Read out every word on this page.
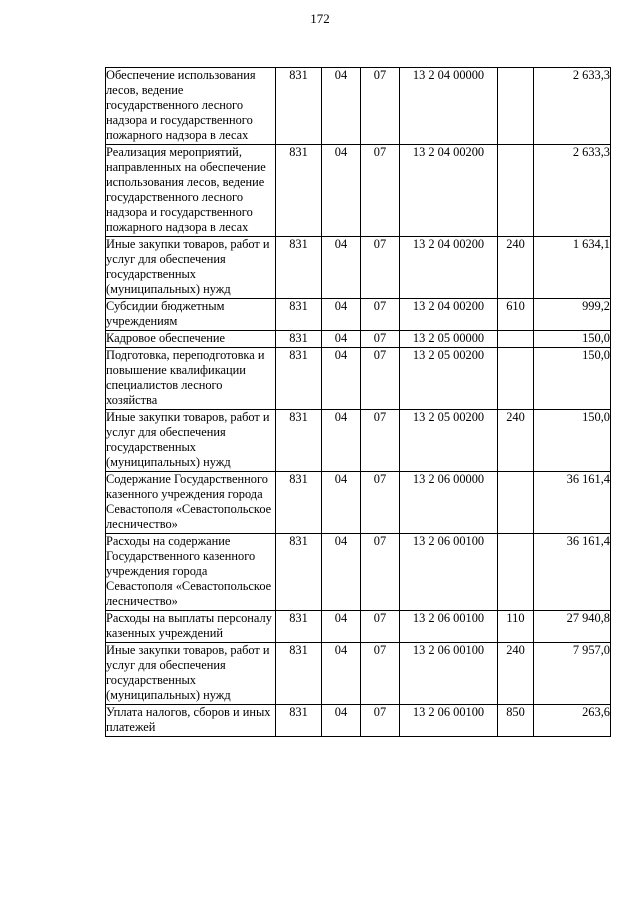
172
Обеспечение использования лесов, ведение государственного лесного надзора и государственного пожарного надзора в лесах	831	04	07	13 2 04 00000		2 633,3
Реализация мероприятий, направленных на обеспечение использования лесов, ведение государственного лесного надзора и государственного пожарного надзора в лесах	831	04	07	13 2 04 00200		2 633,3
Иные закупки товаров, работ и услуг для обеспечения государственных (муниципальных) нужд	831	04	07	13 2 04 00200	240	1 634,1
Субсидии бюджетным учреждениям	831	04	07	13 2 04 00200	610	999,2
Кадровое обеспечение	831	04	07	13 2 05 00000		150,0
Подготовка, переподготовка и повышение квалификации специалистов лесного хозяйства	831	04	07	13 2 05 00200		150,0
Иные закупки товаров, работ и услуг для обеспечения государственных (муниципальных) нужд	831	04	07	13 2 05 00200	240	150,0
Содержание Государственного казенного учреждения города Севастополя «Севастопольское лесничество»	831	04	07	13 2 06 00000		36 161,4
Расходы на содержание Государственного казенного учреждения города Севастополя «Севастопольское лесничество»	831	04	07	13 2 06 00100		36 161,4
Расходы на выплаты персоналу казенных учреждений	831	04	07	13 2 06 00100	110	27 940,8
Иные закупки товаров, работ и услуг для обеспечения государственных (муниципальных) нужд	831	04	07	13 2 06 00100	240	7 957,0
Уплата налогов, сборов и иных платежей	831	04	07	13 2 06 00100	850	263,6
